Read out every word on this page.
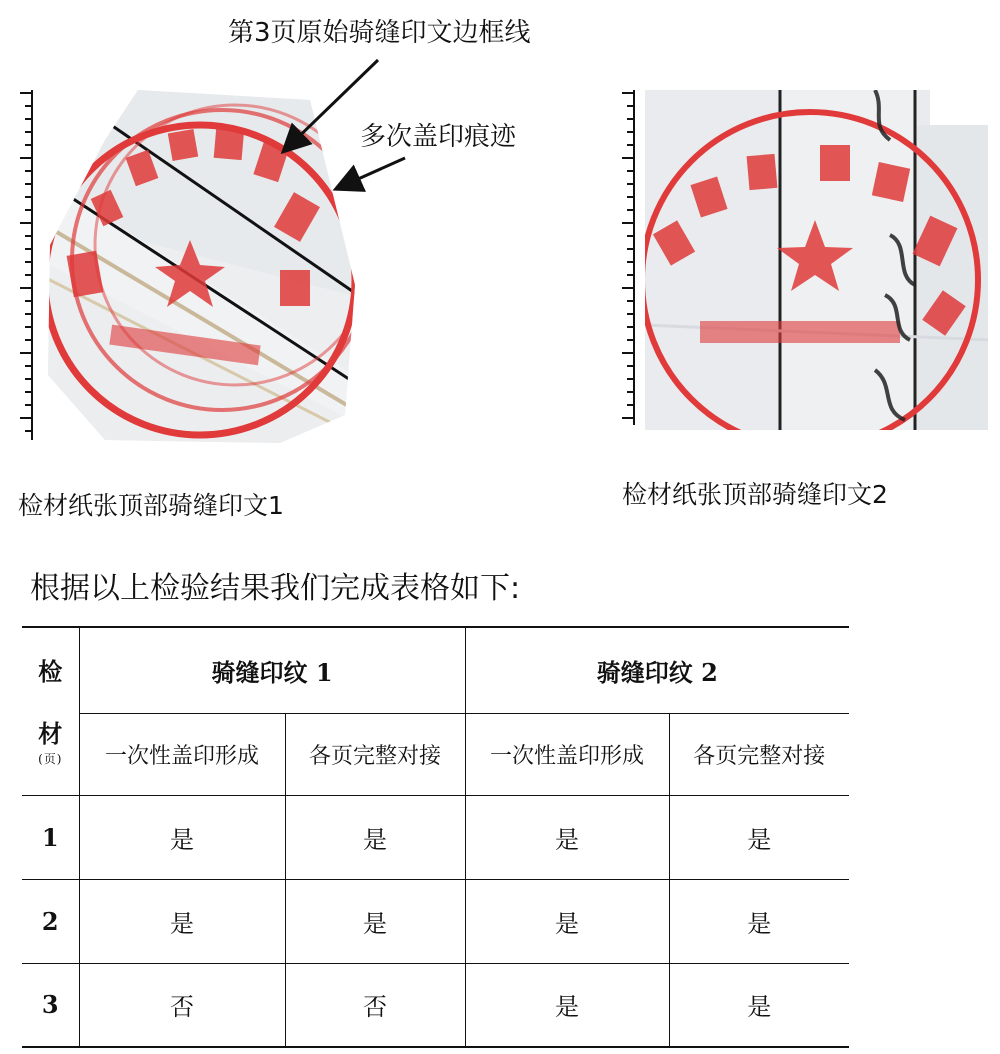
第3页原始骑缝印文边框线
多次盖印痕迹
检材纸张顶部骑缝印文1	检材纸张顶部骑缝印文2
根据以上检验结果我们完成表格如下:
检
材
(页)	骑缝印纹 1		骑缝印纹 2	
	一次性盖印形成	各页完整对接	一次性盖印形成	各页完整对接
1	是	是	是	是
2	是	是	是	是
3	否	否	是	是
